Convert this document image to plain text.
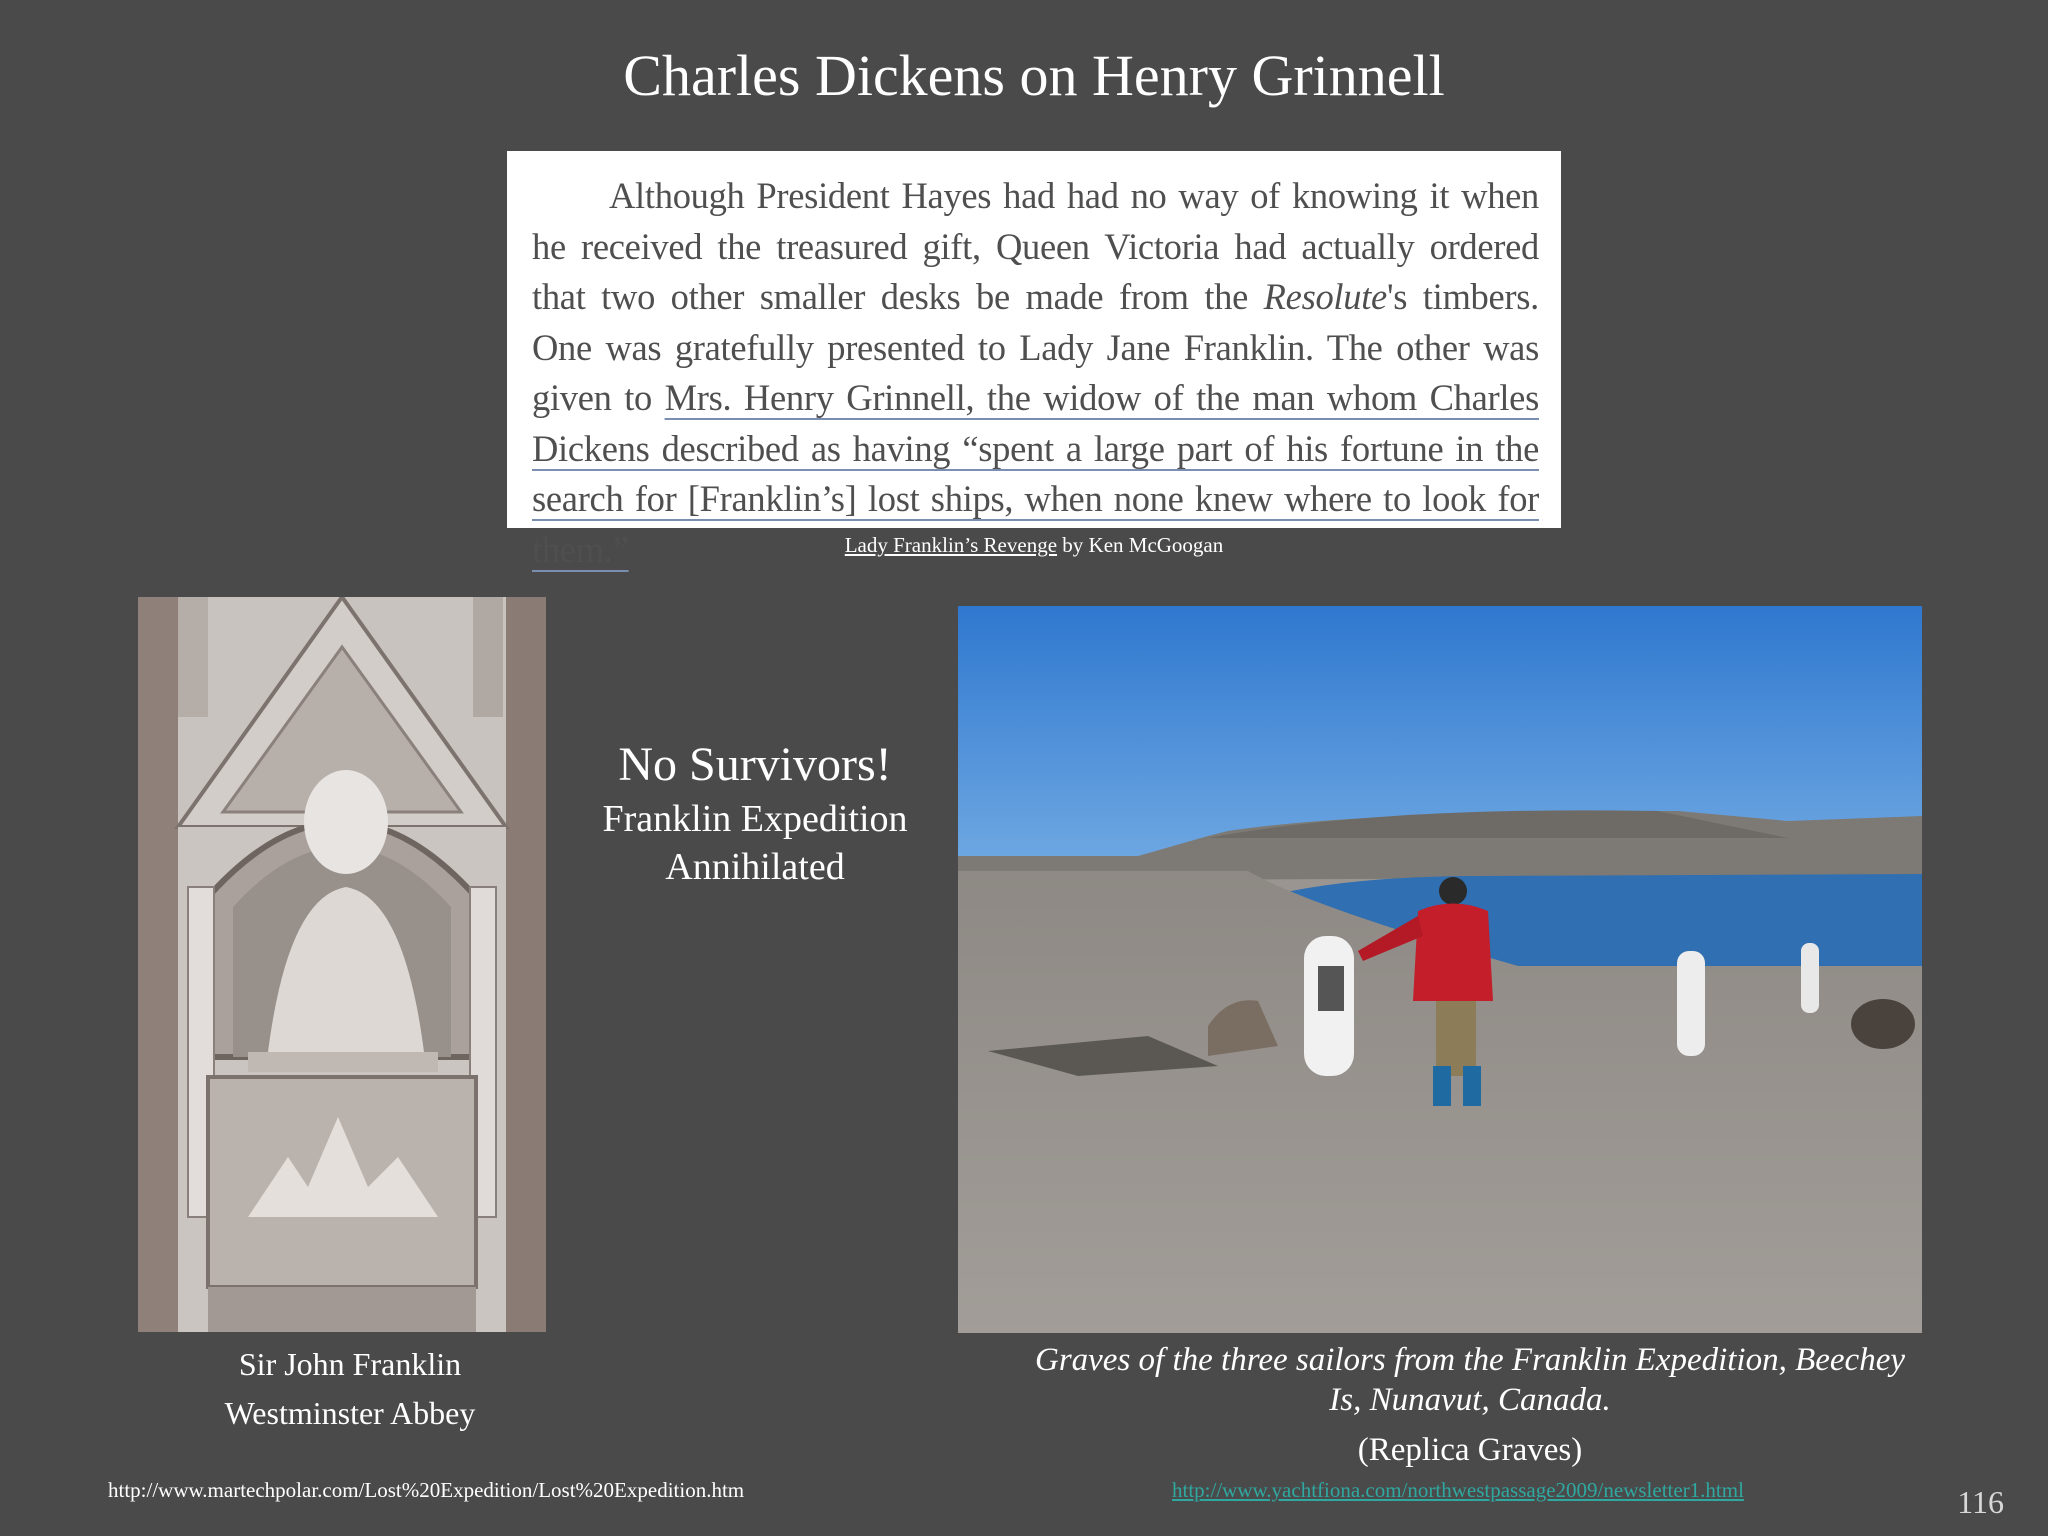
Charles Dickens on Henry Grinnell

Although President Hayes had had no way of knowing it when he received the treasured gift, Queen Victoria had actually ordered that two other smaller desks be made from the Resolute's timbers. One was gratefully presented to Lady Jane Franklin. The other was given to Mrs. Henry Grinnell, the widow of the man whom Charles Dickens described as having “spent a large part of his fortune in the search for [Franklin’s] lost ships, when none knew where to look for them.”	Lady Franklin’s Revenge by Ken McGoogan
Sir John Franklin
Westminster Abbey
No Survivors!
Franklin Expedition
Annihilated
Graves of the three sailors from the Franklin Expedition, Beechey Is, Nunavut, Canada.
(Replica Graves)
http://www.martechpolar.com/Lost%20Expedition/Lost%20Expedition.htm	http://www.yachtfiona.com/northwestpassage2009/newsletter1.html	116
